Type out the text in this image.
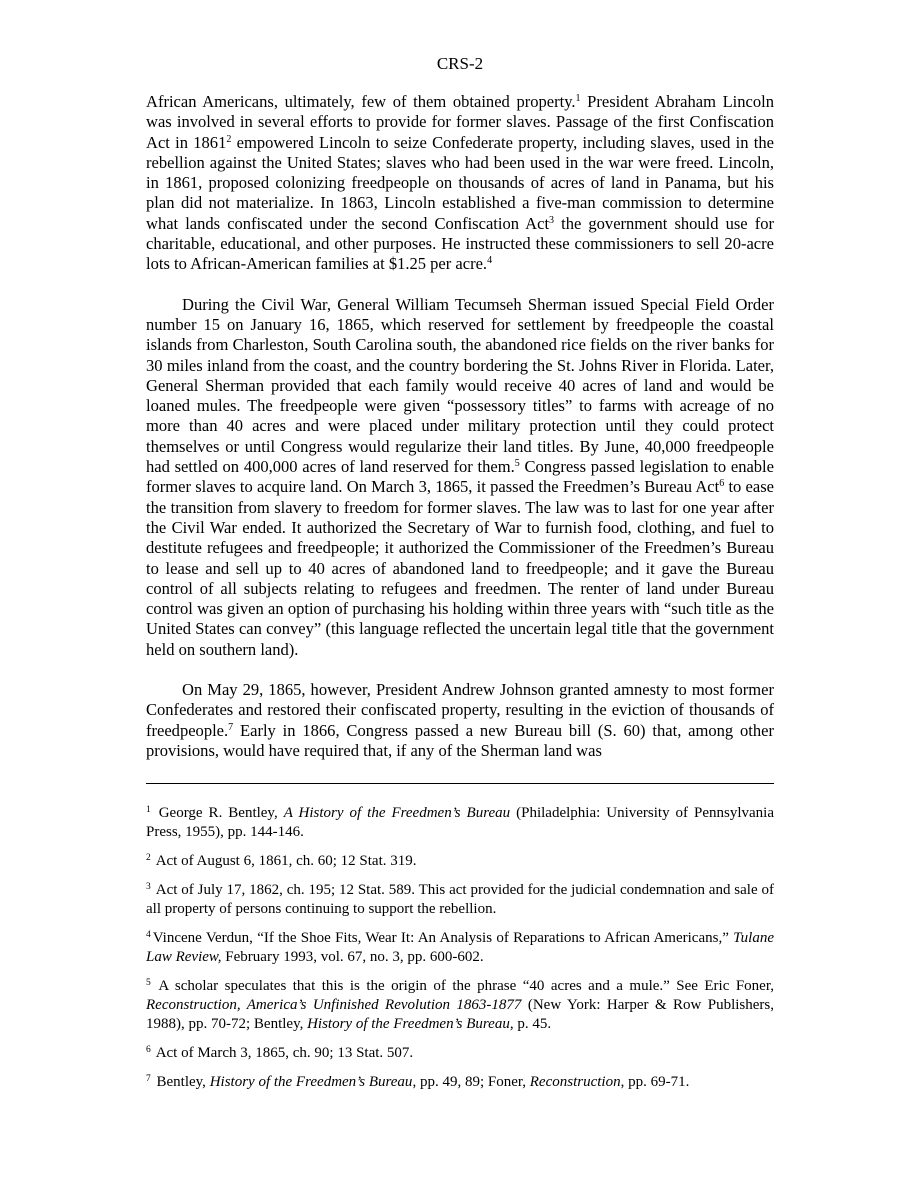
CRS-2

African Americans, ultimately, few of them obtained property.$^1$ President Abraham Lincoln was involved in several efforts to provide for former slaves. Passage of the first Confiscation Act in 1861$^2$ empowered Lincoln to seize Confederate property, including slaves, used in the rebellion against the United States; slaves who had been used in the war were freed. Lincoln, in 1861, proposed colonizing freedpeople on thousands of acres of land in Panama, but his plan did not materialize. In 1863, Lincoln established a five-man commission to determine what lands confiscated under the second Confiscation Act$^3$ the government should use for charitable, educational, and other purposes. He instructed these commissioners to sell 20-acre lots to African-American families at $1.25 per acre.$^4$

During the Civil War, General William Tecumseh Sherman issued Special Field Order number 15 on January 16, 1865, which reserved for settlement by freedpeople the coastal islands from Charleston, South Carolina south, the abandoned rice fields on the river banks for 30 miles inland from the coast, and the country bordering the St. Johns River in Florida. Later, General Sherman provided that each family would receive 40 acres of land and would be loaned mules. The freedpeople were given “possessory titles” to farms with acreage of no more than 40 acres and were placed under military protection until they could protect themselves or until Congress would regularize their land titles. By June, 40,000 freedpeople had settled on 400,000 acres of land reserved for them.$^5$ Congress passed legislation to enable former slaves to acquire land. On March 3, 1865, it passed the Freedmen’s Bureau Act$^6$ to ease the transition from slavery to freedom for former slaves. The law was to last for one year after the Civil War ended. It authorized the Secretary of War to furnish food, clothing, and fuel to destitute refugees and freedpeople; it authorized the Commissioner of the Freedmen’s Bureau to lease and sell up to 40 acres of abandoned land to freedpeople; and it gave the Bureau control of all subjects relating to refugees and freedmen. The renter of land under Bureau control was given an option of purchasing his holding within three years with “such title as the United States can convey” (this language reflected the uncertain legal title that the government held on southern land).

On May 29, 1865, however, President Andrew Johnson granted amnesty to most former Confederates and restored their confiscated property, resulting in the eviction of thousands of freedpeople.$^7$ Early in 1866, Congress passed a new Bureau bill (S. 60) that, among other provisions, would have required that, if any of the Sherman land was

$^1$ George R. Bentley, A History of the Freedmen’s Bureau (Philadelphia: University of Pennsylvania Press, 1955), pp. 144-146.

$^2$ Act of August 6, 1861, ch. 60; 12 Stat. 319.

$^3$ Act of July 17, 1862, ch. 195; 12 Stat. 589. This act provided for the judicial condemnation and sale of all property of persons continuing to support the rebellion.

$^4$ Vincene Verdun, “If the Shoe Fits, Wear It: An Analysis of Reparations to African Americans,” Tulane Law Review, February 1993, vol. 67, no. 3, pp. 600-602.

$^5$ A scholar speculates that this is the origin of the phrase “40 acres and a mule.” See Eric Foner, Reconstruction, America’s Unfinished Revolution 1863-1877 (New York: Harper & Row Publishers, 1988), pp. 70-72; Bentley, History of the Freedmen’s Bureau, p. 45.

$^6$ Act of March 3, 1865, ch. 90; 13 Stat. 507.

$^7$ Bentley, History of the Freedmen’s Bureau, pp. 49, 89; Foner, Reconstruction, pp. 69-71.
